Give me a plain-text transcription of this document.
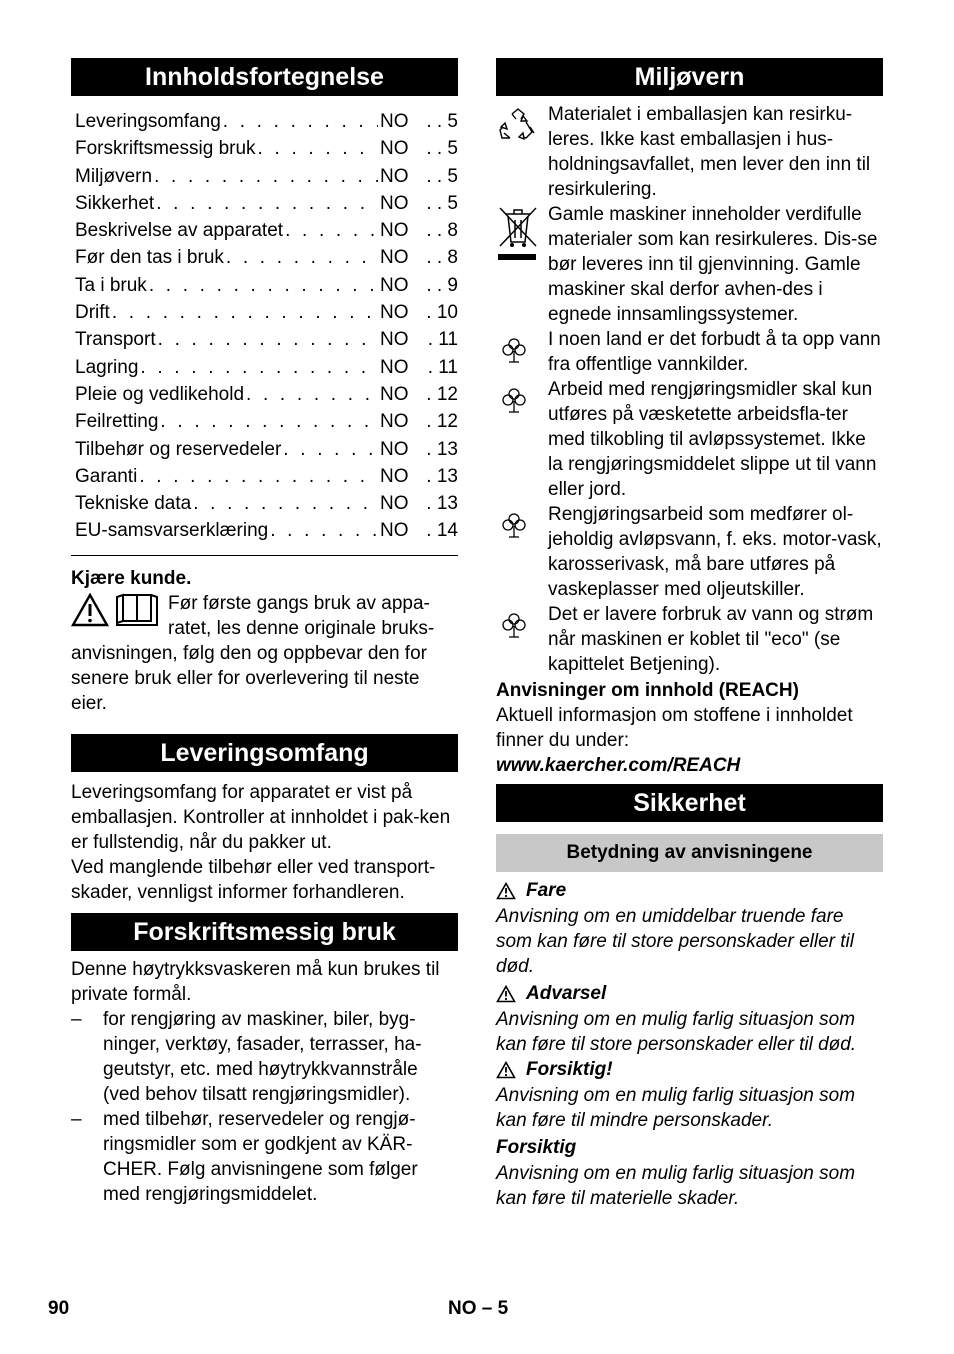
Innholdsfortegnelse
Leveringsomfang . . .	NO . . 5
Forskriftsmessig bruk . . .	NO . . 5
Miljøvern . . .	NO . . 5
Sikkerhet . . .	NO . . 5
Beskrivelse av apparatet . . .	NO . . 8
Før den tas i bruk . . .	NO . . 8
Ta i bruk . . .	NO . . 9
Drift . . .	NO . 10
Transport . . .	NO	. 11
Lagring . . .	NO	. 11
Pleie og vedlikehold . . .	NO . 12
Feilretting . . .	NO . 12
Tilbehør og reservedeler . . .	NO . 13
Garanti . . .	NO . 13
Tekniske data . . .	NO . 13
EU-samsvarserklæring . . .	NO . 14

Kjære kunde.

Før første gangs bruk av appa-

ratet, les denne originale bruks-

anvisningen, følg den og oppbevar den for senere bruk eller for overlevering til neste eier.

Leveringsomfang

Leveringsomfang for apparatet er vist på emballasjen. Kontroller at innholdet i pak-ken er fullstendig, når du pakker ut.

Ved manglende tilbehør eller ved transport-skader, vennligst informer forhandleren.

Forskriftsmessig bruk

Denne høytrykksvaskeren må kun brukes til private formål.

– for rengjøring av maskiner, biler, byg-ninger, verktøy, fasader, terrasser, ha-geutstyr, etc. med høytrykkvannstråle (ved behov tilsatt rengjøringsmidler).
– med tilbehør, reservedeler og rengjø-ringsmidler som er godkjent av KÄR-CHER. Følg anvisningene som følger med rengjøringsmiddelet.
Miljøvern

Materialet i emballasjen kan resirku-leres. Ikke kast emballasjen i hus-holdningsavfallet, men lever den inn til resirkulering.

Gamle maskiner inneholder verdifulle materialer som kan resirkuleres. Dis-se bør leveres inn til gjenvinning. Gamle maskiner skal derfor avhen-des i egnede innsamlingssystemer.

I noen land er det forbudt å ta opp vann fra offentlige vannkilder.

Arbeid med rengjøringsmidler skal kun utføres på væsketette arbeidsfla-ter med tilkobling til avløpssystemet. Ikke la rengjøringsmiddelet slippe ut til vann eller jord.

Rengjøringsarbeid som medfører ol-jeholdig avløpsvann, f. eks. motor-vask, karosserivask, må bare utføres på vaskeplasser med oljeutskiller.

Det er lavere forbruk av vann og strøm når maskinen er koblet til "eco" (se kapittelet Betjening).

Anvisninger om innhold (REACH)

Aktuell informasjon om stoffene i innholdet finner du under:

www.kaercher.com/REACH

Sikkerhet
Betydning av anvisningene
Fare

Anvisning om en umiddelbar truende fare som kan føre til store personskader eller til død.

Advarsel

Anvisning om en mulig farlig situasjon som kan føre til store personskader eller til død.

Forsiktig!

Anvisning om en mulig farlig situasjon som kan føre til mindre personskader.

Forsiktig

Anvisning om en mulig farlig situasjon som kan føre til materielle skader.

90	NO – 5
